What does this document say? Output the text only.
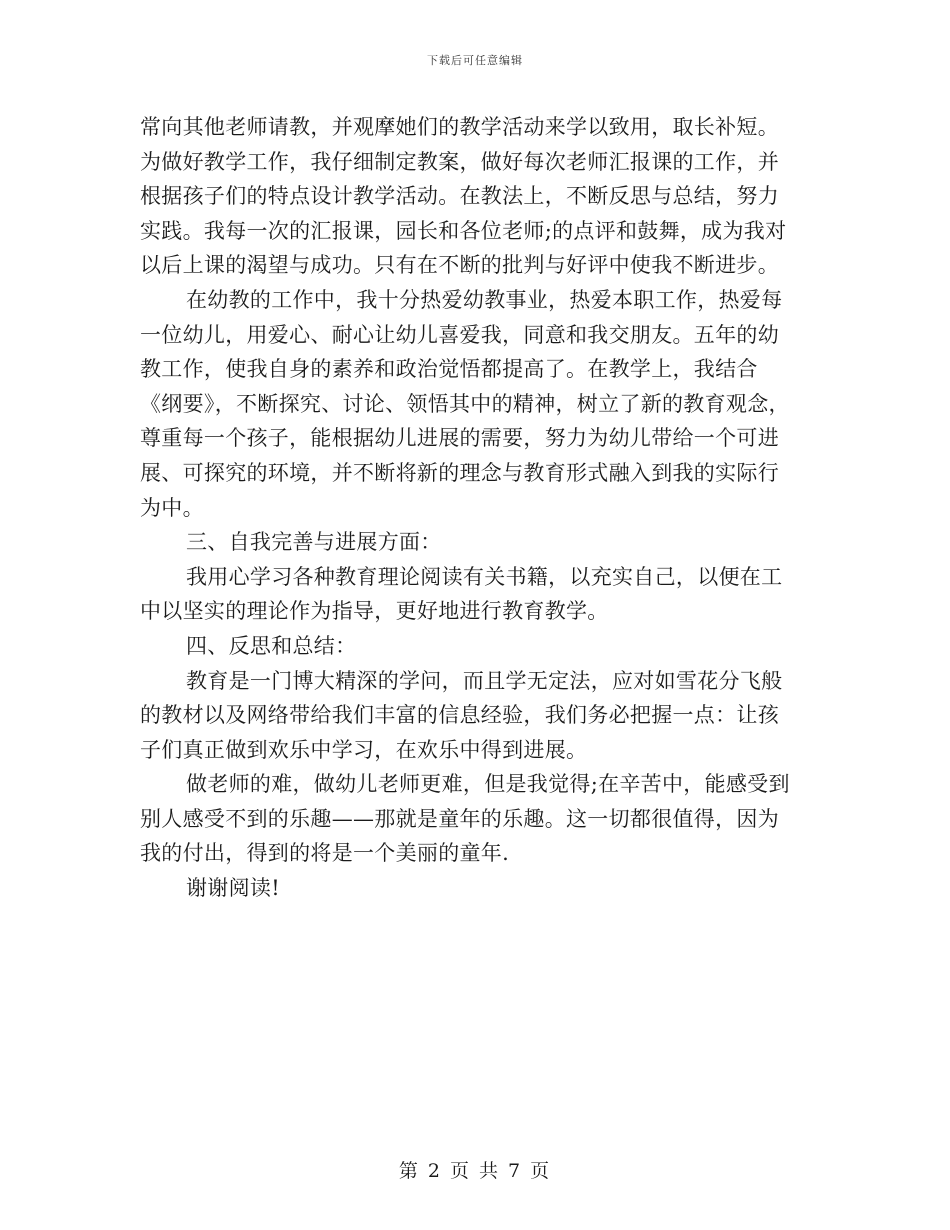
下载后可任意编辑
常向其他老师请教，并观摩她们的教学活动来学以致用，取长补短。
为做好教学工作，我仔细制定教案，做好每次老师汇报课的工作，并
根据孩子们的特点设计教学活动。在教法上，不断反思与总结，努力
实践。我每一次的汇报课，园长和各位老师;的点评和鼓舞，成为我对
以后上课的渴望与成功。只有在不断的批判与好评中使我不断进步。
在幼教的工作中，我十分热爱幼教事业，热爱本职工作，热爱每
一位幼儿，用爱心、耐心让幼儿喜爱我，同意和我交朋友。五年的幼
教工作，使我自身的素养和政治觉悟都提高了。在教学上，我结合
《纲要》，不断探究、讨论、领悟其中的精神，树立了新的教育观念，
尊重每一个孩子，能根据幼儿进展的需要，努力为幼儿带给一个可进
展、可探究的环境，并不断将新的理念与教育形式融入到我的实际行
为中。
三、自我完善与进展方面：
我用心学习各种教育理论阅读有关书籍，以充实自己，以便在工
中以坚实的理论作为指导，更好地进行教育教学。
四、反思和总结：
教育是一门博大精深的学问，而且学无定法，应对如雪花分飞般
的教材以及网络带给我们丰富的信息经验，我们务必把握一点：让孩
子们真正做到欢乐中学习，在欢乐中得到进展。
做老师的难，做幼儿老师更难，但是我觉得;在辛苦中，能感受到
别人感受不到的乐趣——那就是童年的乐趣。这一切都很值得，因为
我的付出，得到的将是一个美丽的童年.
谢谢阅读!
第 2 页 共 7 页
